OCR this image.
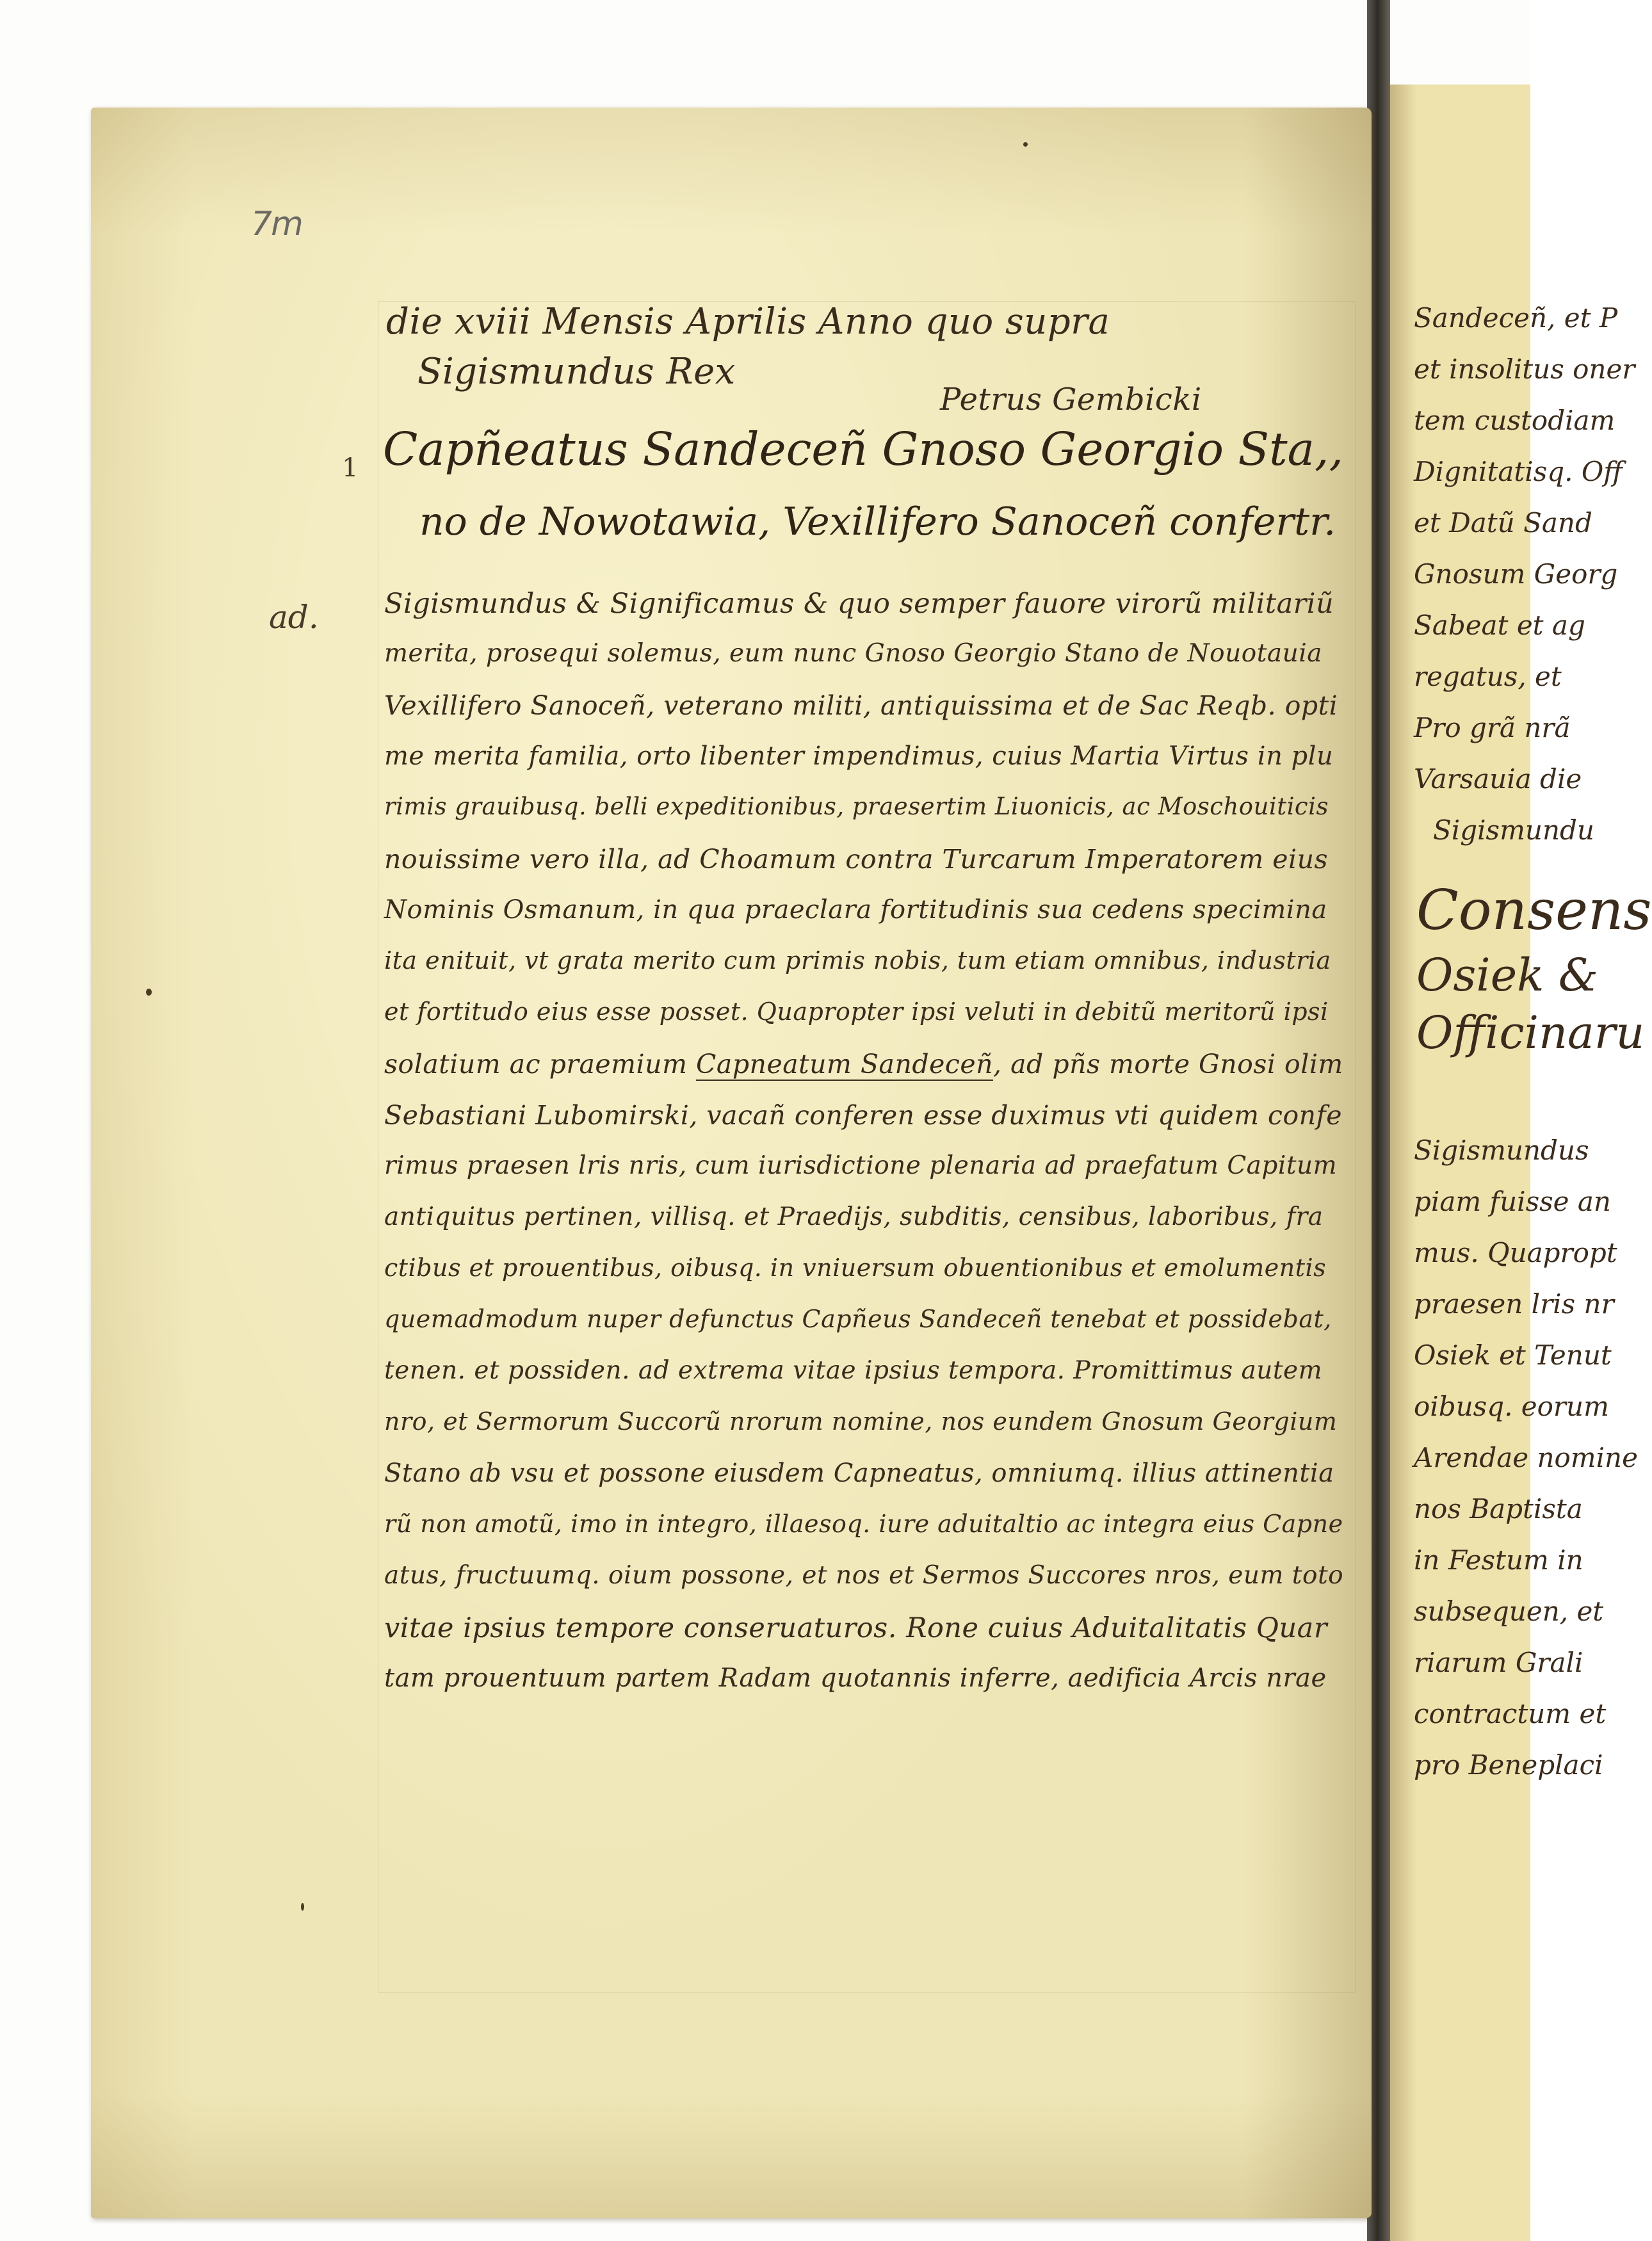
7m
1
ad.
die xviii Mensis Aprilis Anno quo supra
Sigismundus Rex
Petrus Gembicki
Capñeatus Sandeceñ Gnoso Georgio Sta,,
no de Nowotawia, Vexillifero Sanoceñ confertr.
Sigismundus & Significamus & quo semper fauore virorũ militariũ
merita, prosequi solemus, eum nunc Gnoso Georgio Stano de Nouotauia
Vexillifero Sanoceñ, veterano militi, antiquissima et de Sac Reqb. opti
me merita familia, orto libenter impendimus, cuius Martia Virtus in plu
rimis grauibusq. belli expeditionibus, praesertim Liuonicis, ac Moschouiticis
nouissime vero illa, ad Choamum contra Turcarum Imperatorem eius
Nominis Osmanum, in qua praeclara fortitudinis sua cedens specimina
ita enituit, vt grata merito cum primis nobis, tum etiam omnibus, industria
et fortitudo eius esse posset. Quapropter ipsi veluti in debitũ meritorũ ipsi
solatium ac praemium Capneatum Sandeceñ, ad pñs morte Gnosi olim
Sebastiani Lubomirski, vacañ conferen esse duximus vti quidem confe
rimus praesen lris nris, cum iurisdictione plenaria ad praefatum Capitum
antiquitus pertinen, villisq. et Praedijs, subditis, censibus, laboribus, fra
ctibus et prouentibus, oibusq. in vniuersum obuentionibus et emolumentis
quemadmodum nuper defunctus Capñeus Sandeceñ tenebat et possidebat,
tenen. et possiden. ad extrema vitae ipsius tempora. Promittimus autem
nro, et Sermorum Succorũ nrorum nomine, nos eundem Gnosum Georgium
Stano ab vsu et possone eiusdem Capneatus, omniumq. illius attinentia
rũ non amotũ, imo in integro, illaesoq. iure aduitaltio ac integra eius Capne
atus, fructuumq. oium possone, et nos et Sermos Succores nros, eum toto
vitae ipsius tempore conseruaturos. Rone cuius Aduitalitatis Quar
tam prouentuum partem Radam quotannis inferre, aedificia Arcis nrae
Sandeceñ, et P
et insolitus oner
tem custodiam
Dignitatisq. Off
et Datũ Sand
Gnosum Georg
Sabeat et ag
regatus, et
Pro grã nrã
Varsauia die
Sigismundu
Consens
Osiek &
Officinaru
Sigismundus
piam fuisse an
mus. Quapropt
praesen lris nr
Osiek et Tenut
oibusq. eorum
Arendae nomine
nos Baptista
in Festum in
subsequen, et
riarum Grali
contractum et
pro Beneplaci
